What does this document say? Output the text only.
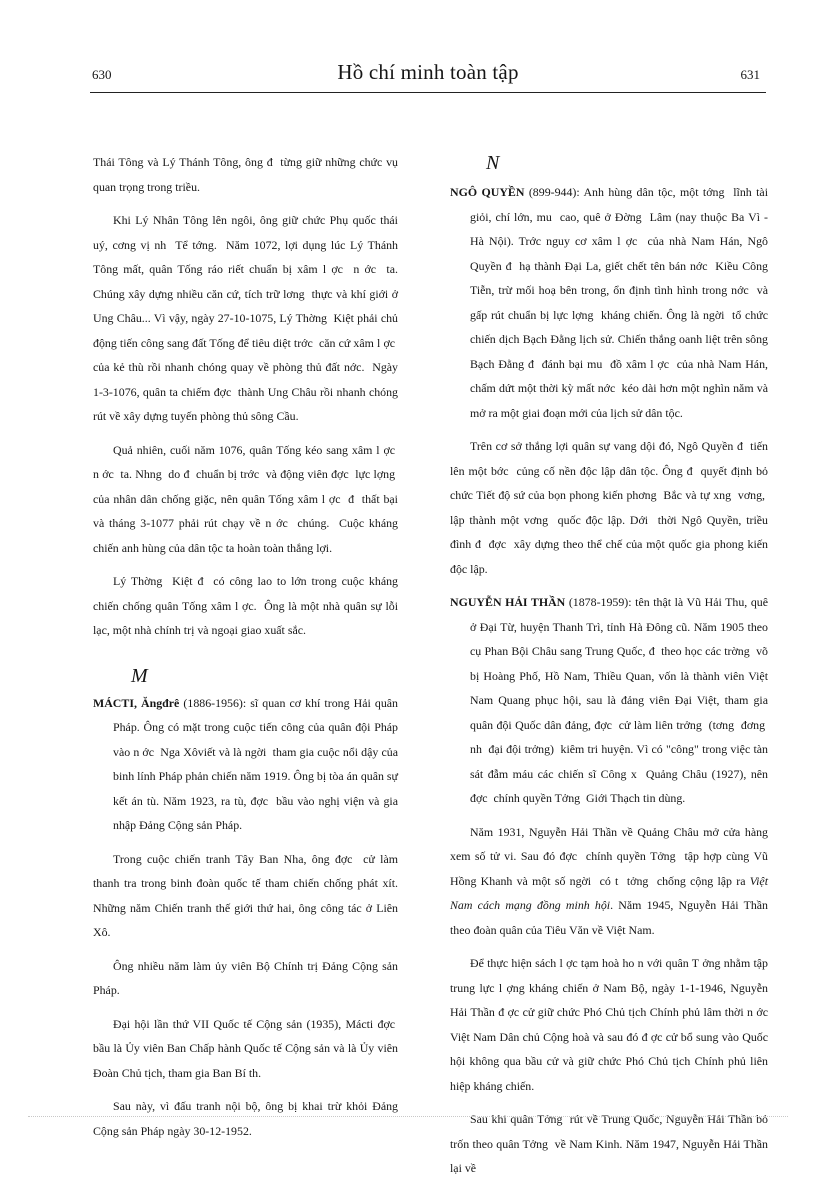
630	Hồ chí minh toàn tập	631

Thái Tông và Lý Thánh Tông, ông đ  từng giữ những chức vụ quan trọng trong triều.

Khi Lý Nhân Tông lên ngôi, ông giữ chức Phụ quốc thái uý, cơng vị nh  Tể tớng.  Năm 1072, lợi dụng lúc Lý Thánh Tông mất, quân Tống ráo riết chuẩn bị xâm l ợc  n ớc  ta. Chúng xây dựng nhiều căn cứ, tích trữ lơng  thực và khí giới ở Ung Châu... Vì vậy, ngày 27-10-1075, Lý Thờng  Kiệt phải chủ động tiến công sang đất Tống để tiêu diệt trớc  căn cứ xâm l ợc  của kẻ thù rồi nhanh chóng quay về phòng thủ đất nớc.  Ngày 1-3-1076, quân ta chiếm đợc  thành Ung Châu rồi nhanh chóng rút về xây dựng tuyến phòng thủ sông Cầu.

Quả nhiên, cuối năm 1076, quân Tống kéo sang xâm l ợc  n ớc  ta. Nhng  do đ  chuẩn bị trớc  và động viên đợc  lực lợng  của nhân dân chống giặc, nên quân Tống xâm l ợc  đ  thất bại và tháng 3-1077 phải rút chạy về n ớc  chúng.  Cuộc kháng chiến anh hùng của dân tộc ta hoàn toàn thắng lợi.

Lý Thờng  Kiệt đ  có công lao to lớn trong cuộc kháng chiến chống quân Tống xâm l ợc.  Ông là một nhà quân sự lỗi lạc, một nhà chính trị và ngoại giao xuất sắc.

M

MÁCTI, Ăngđrê (1886-1956): sĩ quan cơ khí trong Hải quân Pháp. Ông có mặt trong cuộc tiến công của quân đội Pháp vào n ớc  Nga Xôviết và là ngời  tham gia cuộc nổi dậy của binh lính Pháp phản chiến năm 1919. Ông bị tòa án quân sự kết án tù. Năm 1923, ra tù, đợc  bầu vào nghị viện và gia nhập Đảng Cộng sản Pháp.

Trong cuộc chiến tranh Tây Ban Nha, ông đợc  cử làm thanh tra trong binh đoàn quốc tế tham chiến chống phát xít. Những năm Chiến tranh thế giới thứ hai, ông công tác ở Liên Xô.

Ông nhiều năm làm ủy viên Bộ Chính trị Đảng Cộng sản Pháp.

Đại hội lần thứ VII Quốc tế Cộng sản (1935), Mácti đợc  bầu là Ủy viên Ban Chấp hành Quốc tế Cộng sản và là Ủy viên Đoàn Chủ tịch, tham gia Ban Bí th.

Sau này, vì đấu tranh nội bộ, ông bị khai trừ khỏi Đảng Cộng sản Pháp ngày 30-12-1952.

N

NGÔ QUYỀN (899-944): Anh hùng dân tộc, một tớng  lĩnh tài giỏi, chí lớn, mu  cao, quê ở Đờng  Lâm (nay thuộc Ba Vì - Hà Nội). Trớc nguy cơ xâm l ợc  của nhà Nam Hán, Ngô Quyền đ  hạ thành Đại La, giết chết tên bán nớc  Kiều Công Tiễn, trừ mối hoạ bên trong, ổn định tình hình trong nớc  và gấp rút chuẩn bị lực lợng  kháng chiến. Ông là ngời  tổ chức chiến dịch Bạch Đằng lịch sử. Chiến thắng oanh liệt trên sông Bạch Đằng đ  đánh bại mu  đồ xâm l ợc  của nhà Nam Hán, chấm dứt một thời kỳ mất nớc  kéo dài hơn một nghìn năm và mở ra một giai đoạn mới của lịch sử dân tộc.

Trên cơ sở thắng lợi quân sự vang dội đó, Ngô Quyền đ  tiến lên một bớc  củng cố nền độc lập dân tộc. Ông đ  quyết định bỏ chức Tiết độ sứ của bọn phong kiến phơng  Bắc và tự xng  vơng,  lập thành một vơng  quốc độc lập. Dới  thời Ngô Quyền, triều đình đ  đợc  xây dựng theo thể chế của một quốc gia phong kiến độc lập.

NGUYỄN HẢI THẦN (1878-1959): tên thật là Vũ Hải Thu, quê ở Đại Từ, huyện Thanh Trì, tỉnh Hà Đông cũ. Năm 1905 theo cụ Phan Bội Châu sang Trung Quốc, đ  theo học các trờng  võ bị Hoàng Phố, Hồ Nam, Thiều Quan, vốn là thành viên Việt Nam Quang phục hội, sau là đảng viên Đại Việt, tham gia quân đội Quốc dân đảng, đợc  cử làm liên trởng  (tơng  đơng  nh  đại đội trởng)  kiêm tri huyện. Vì có "công" trong việc tàn sát đẫm máu các chiến sĩ Công x  Quảng Châu (1927), nên đợc  chính quyền Tởng  Giới Thạch tin dùng.

Năm 1931, Nguyễn Hải Thần về Quảng Châu mở cửa hàng xem số tử vi. Sau đó đợc  chính quyền Tởng  tập hợp cùng Vũ Hồng Khanh và một số ngời  có t  tởng  chống cộng lập ra Việt Nam cách mạng đồng minh hội. Năm 1945, Nguyễn Hải Thần theo đoàn quân của Tiêu Văn về Việt Nam.

Để thực hiện sách l ợc tạm hoà ho n với quân T ởng nhằm tập trung lực l ợng kháng chiến ở Nam Bộ, ngày 1-1-1946, Nguyễn Hải Thần đ ợc cử giữ chức Phó Chủ tịch Chính phủ lâm thời n ớc Việt Nam Dân chủ Cộng hoà và sau đó đ ợc cử bổ sung vào Quốc hội không qua bầu cử và giữ chức Phó Chủ tịch Chính phủ liên hiệp kháng chiến.

Sau khi quân Tởng  rút về Trung Quốc, Nguyễn Hải Thần bỏ trốn theo quân Tởng  về Nam Kinh. Năm 1947, Nguyễn Hải Thần lại về
